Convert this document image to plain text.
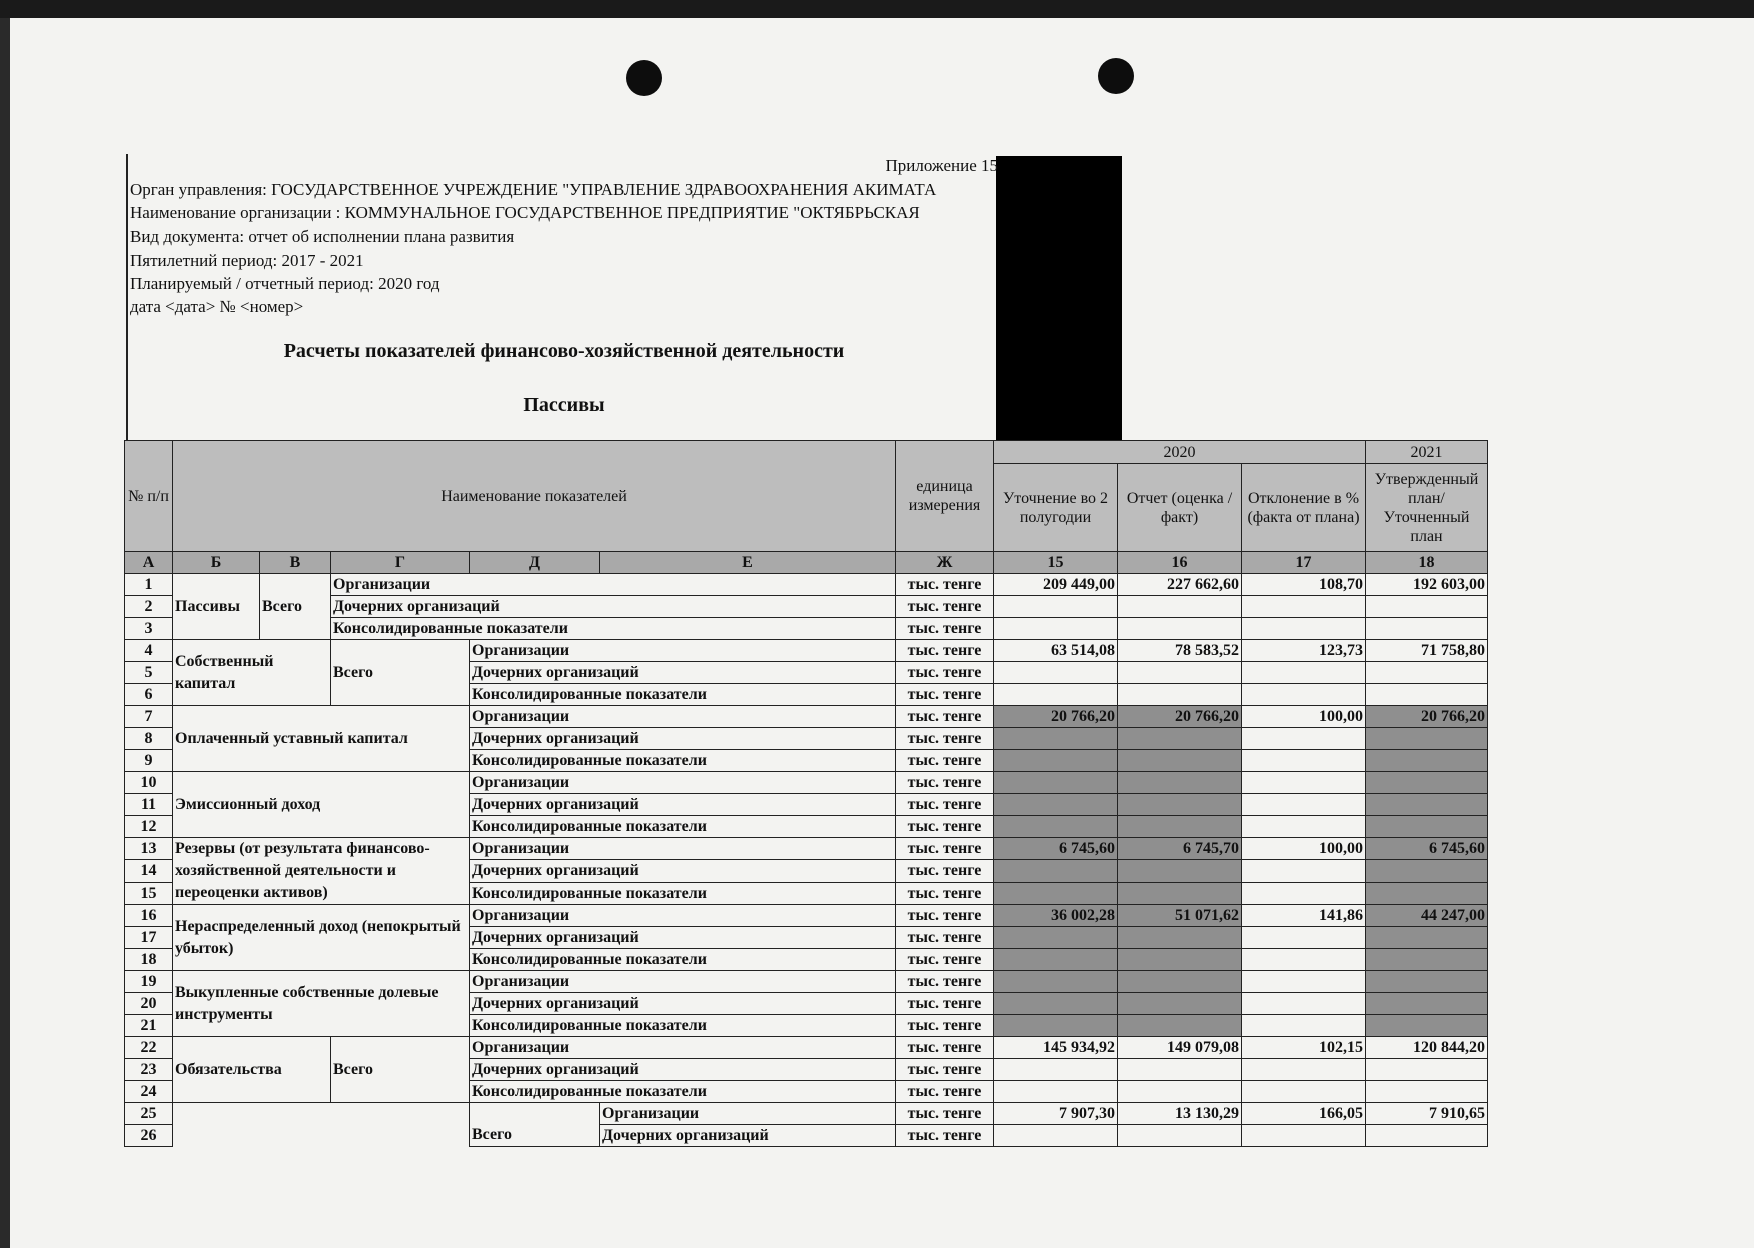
Приложение 15
Орган управления: ГОСУДАРСТВЕННОЕ УЧРЕЖДЕНИЕ "УПРАВЛЕНИЕ ЗДРАВООХРАНЕНИЯ АКИМАТА
Наименование организации : КОММУНАЛЬНОЕ ГОСУДАРСТВЕННОЕ ПРЕДПРИЯТИЕ "ОКТЯБРЬСКАЯ
Вид документа: отчет об исполнении плана развития
Пятилетний период: 2017 - 2021
Планируемый / отчетный период: 2020 год
дата <дата> № <номер>
Расчеты показателей финансово-хозяйственной деятельности
Пассивы
№ п/п	Наименование показателей					единица измерения	2020			2021
							Уточнение во 2 полугодии	Отчет (оценка / факт)	Отклонение в % (факта от плана)	Утвержденный план/Уточненный план
А	Б	В	Г	Д	Е	Ж	15	16	17	18
1	Пассивы	Всего	Организации			тыс. тенге	209 449,00	227 662,60	108,70	192 603,00
2			Дочерних организаций			тыс. тенге				
3			Консолидированные показатели			тыс. тенге				
4	Собственный капитал		Всего	Организации		тыс. тенге	63 514,08	78 583,52	123,73	71 758,80
5				Дочерних организаций		тыс. тенге				
6				Консолидированные показатели		тыс. тенге				
7	Оплаченный уставный капитал			Организации		тыс. тенге	20 766,20	20 766,20	100,00	20 766,20
8				Дочерних организаций		тыс. тенге				
9				Консолидированные показатели		тыс. тенге				
10	Эмиссионный доход			Организации		тыс. тенге				
11				Дочерних организаций		тыс. тенге				
12				Консолидированные показатели		тыс. тенге				
13	Резервы (от результата финансово-хозяйственной деятельности и переоценки активов)			Организации		тыс. тенге	6 745,60	6 745,70	100,00	6 745,60
14				Дочерних организаций		тыс. тенге				
15				Консолидированные показатели		тыс. тенге				
16	Нераспределенный доход (непокрытый убыток)			Организации		тыс. тенге	36 002,28	51 071,62	141,86	44 247,00
17				Дочерних организаций		тыс. тенге				
18				Консолидированные показатели		тыс. тенге				
19	Выкупленные собственные долевые инструменты			Организации		тыс. тенге				
20				Дочерних организаций		тыс. тенге				
21				Консолидированные показатели		тыс. тенге				
22	Обязательства		Всего	Организации		тыс. тенге	145 934,92	149 079,08	102,15	120 844,20
23				Дочерних организаций		тыс. тенге				
24				Консолидированные показатели		тыс. тенге				
25				Всего	Организации	тыс. тенге	7 907,30	13 130,29	166,05	7 910,65
26					Дочерних организаций	тыс. тенге				
